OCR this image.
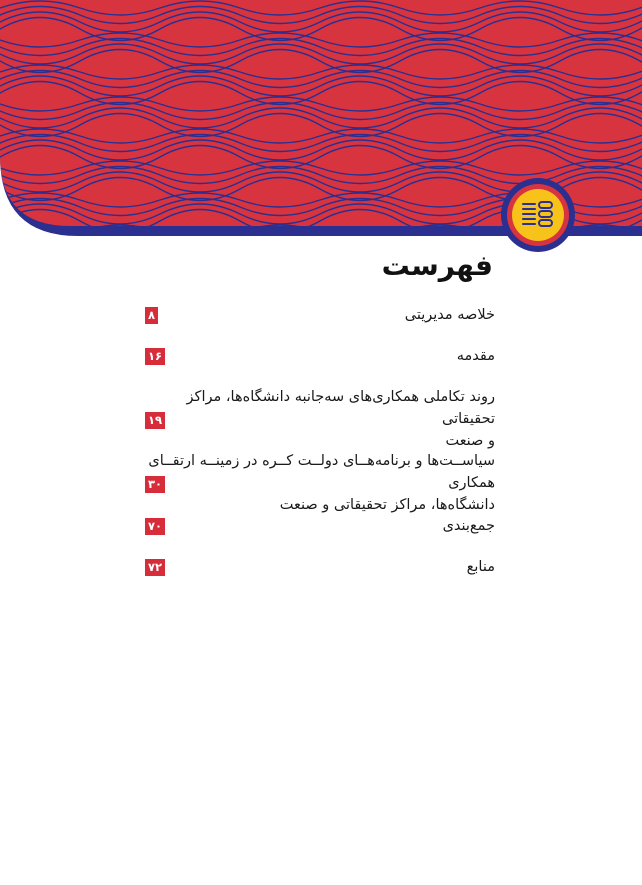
فهرست
خلاصه مدیریتی
۸
مقدمه
۱۶
روند تکاملی همکاری‌های سه‌جانبه دانشگاه‌ها، مراکز تحقیقاتی
و صنعت
۱۹
سیاســت‌ها و برنامه‌هــای دولــت کــره در زمینــه ارتقــای همکاری
دانشگاه‌ها، مراکز تحقیقاتی و صنعت
۳۰
جمع‌بندی
۷۰
منابع
۷۲
